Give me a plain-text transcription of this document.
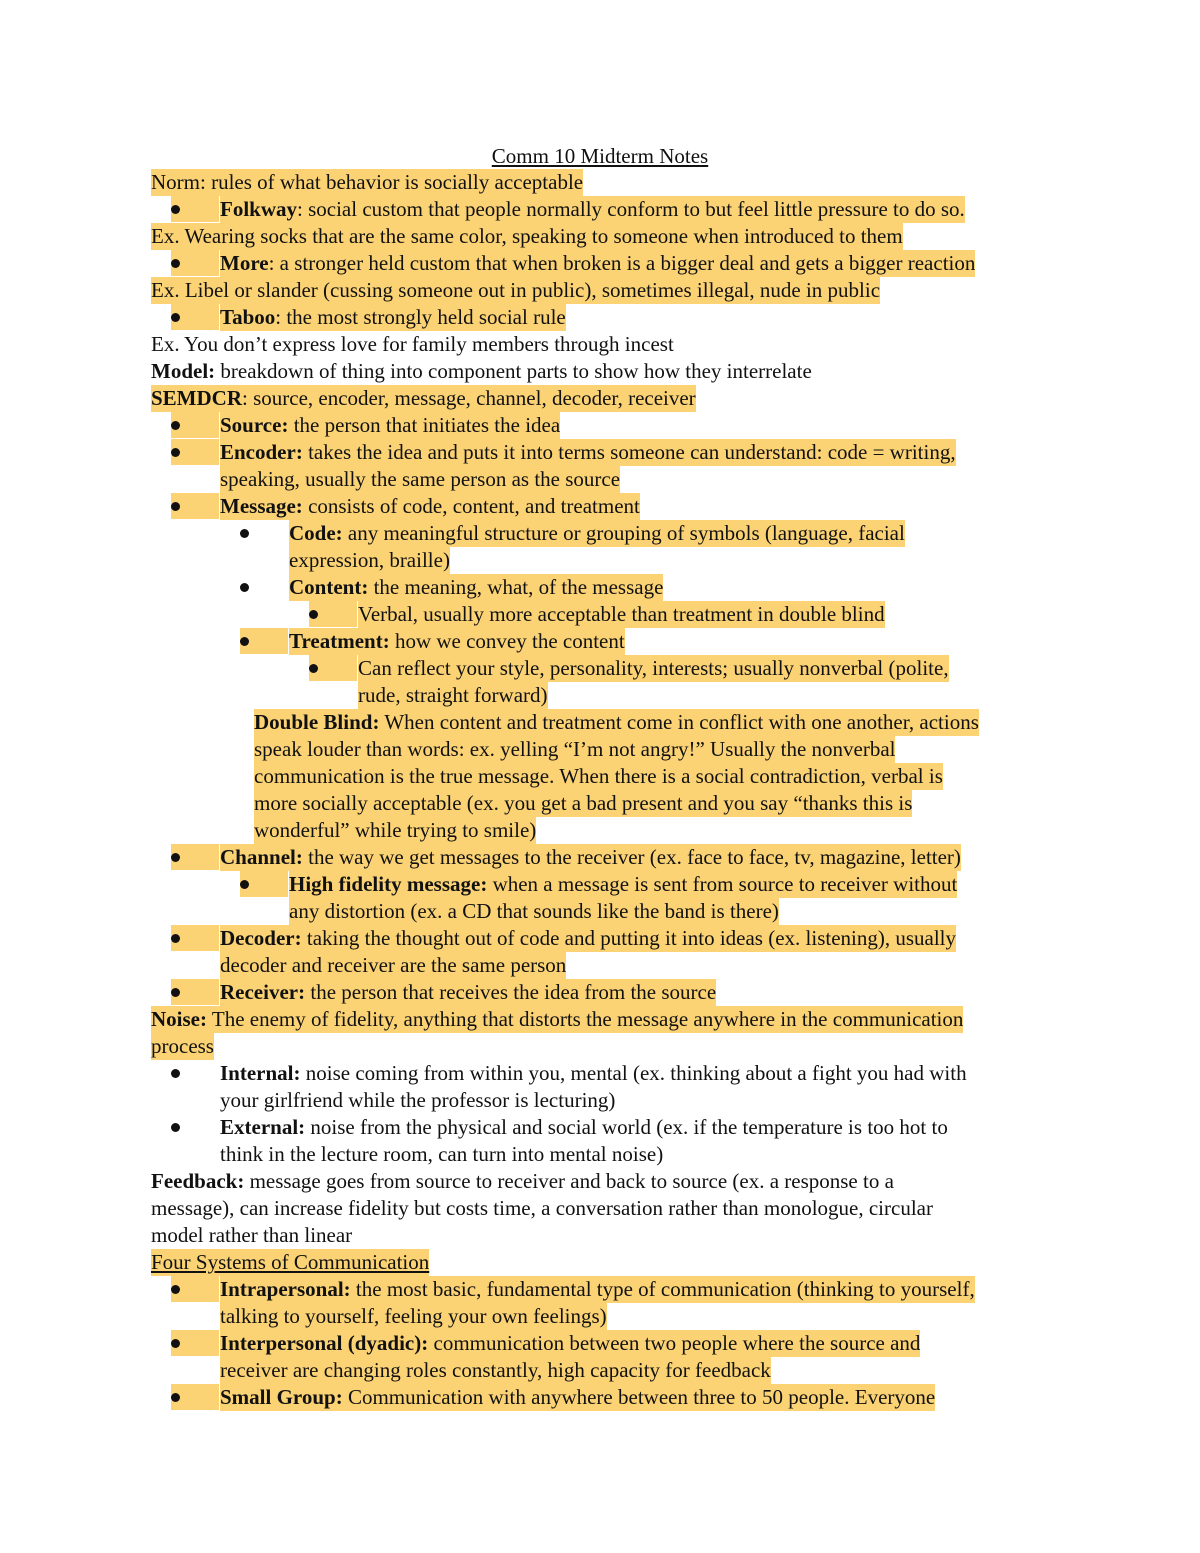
Comm 10 Midterm Notes
Norm: rules of what behavior is socially acceptable
Folkway: social custom that people normally conform to but feel little pressure to do so.
Ex. Wearing socks that are the same color, speaking to someone when introduced to them
More: a stronger held custom that when broken is a bigger deal and gets a bigger reaction
Ex. Libel or slander (cussing someone out in public), sometimes illegal, nude in public
Taboo: the most strongly held social rule
Ex. You don’t express love for family members through incest
Model: breakdown of thing into component parts to show how they interrelate
SEMDCR: source, encoder, message, channel, decoder, receiver
Source: the person that initiates the idea
Encoder: takes the idea and puts it into terms someone can understand: code = writing,
speaking, usually the same person as the source
Message: consists of code, content, and treatment
Code: any meaningful structure or grouping of symbols (language, facial
expression, braille)
Content: the meaning, what, of the message
Verbal, usually more acceptable than treatment in double blind
Treatment: how we convey the content
Can reflect your style, personality, interests; usually nonverbal (polite,
rude, straight forward)
Double Blind: When content and treatment come in conflict with one another, actions
speak louder than words: ex. yelling “I’m not angry!” Usually the nonverbal
communication is the true message. When there is a social contradiction, verbal is
more socially acceptable (ex. you get a bad present and you say “thanks this is
wonderful” while trying to smile)
Channel: the way we get messages to the receiver (ex. face to face, tv, magazine, letter)
High fidelity message: when a message is sent from source to receiver without
any distortion (ex. a CD that sounds like the band is there)
Decoder: taking the thought out of code and putting it into ideas (ex. listening), usually
decoder and receiver are the same person
Receiver: the person that receives the idea from the source
Noise: The enemy of fidelity, anything that distorts the message anywhere in the communication
process
Internal: noise coming from within you, mental (ex. thinking about a fight you had with
your girlfriend while the professor is lecturing)
External: noise from the physical and social world (ex. if the temperature is too hot to
think in the lecture room, can turn into mental noise)
Feedback: message goes from source to receiver and back to source (ex. a response to a
message), can increase fidelity but costs time, a conversation rather than monologue, circular
model rather than linear
Four Systems of Communication
Intrapersonal: the most basic, fundamental type of communication (thinking to yourself,
talking to yourself, feeling your own feelings)
Interpersonal (dyadic): communication between two people where the source and
receiver are changing roles constantly, high capacity for feedback
Small Group: Communication with anywhere between three to 50 people. Everyone
